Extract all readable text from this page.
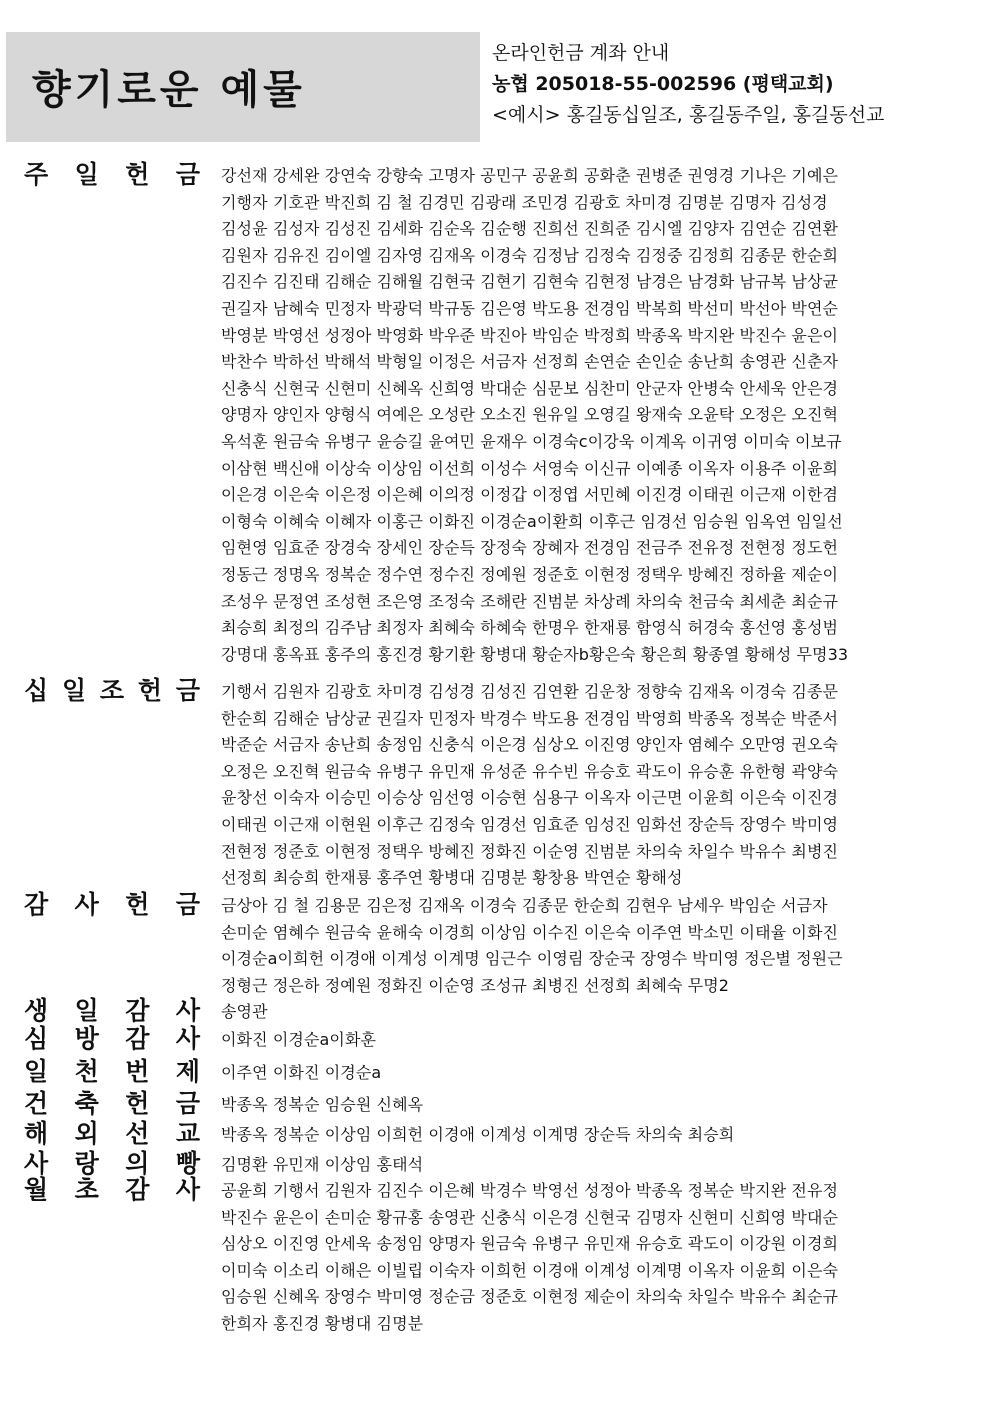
향기로운 예물
온라인헌금 계좌 안내
농협 205018-55-002596 (평택교회)
<예시> 홍길동십일조, 홍길동주일, 홍길동선교
주 일 헌 금 강선재 강세완 강연숙 강향숙 고명자 공민구 공윤희 공화춘 권병준 권영경 기나은 기예은
기행자 기호관 박진희 김 철 김경민 김광래 조민경 김광호 차미경 김명분 김명자 김성경
김성윤 김성자 김성진 김세화 김순옥 김순행 진희선 진희준 김시엘 김양자 김연순 김연환
김원자 김유진 김이엘 김자영 김재옥 이경숙 김정남 김정숙 김정중 김정희 김종문 한순희
김진수 김진태 김해순 김해월 김현국 김현기 김현숙 김현정 남경은 남경화 남규복 남상균
권길자 남혜숙 민정자 박광덕 박규동 김은영 박도용 전경임 박복희 박선미 박선아 박연순
박영분 박영선 성정아 박영화 박우준 박진아 박임순 박정희 박종옥 박지완 박진수 윤은이
박찬수 박하선 박해석 박형일 이정은 서금자 선정희 손연순 손인순 송난희 송영관 신춘자
신충식 신현국 신현미 신혜옥 신희영 박대순 심문보 심찬미 안군자 안병숙 안세욱 안은경
양명자 양인자 양형식 여예은 오성란 오소진 원유일 오영길 왕재숙 오윤탁 오정은 오진혁
옥석훈 원금숙 유병구 윤승길 윤여민 윤재우 이경숙c이강욱 이계옥 이귀영 이미숙 이보규
이삼현 백신애 이상숙 이상임 이선희 이성수 서영숙 이신규 이예종 이옥자 이용주 이윤희
이은경 이은숙 이은정 이은혜 이의정 이정갑 이정엽 서민혜 이진경 이태권 이근재 이한겸
이형숙 이혜숙 이혜자 이홍근 이화진 이경순a이환희 이후근 임경선 임승원 임옥연 임일선
임현영 임효준 장경숙 장세인 장순득 장정숙 장혜자 전경임 전금주 전유정 전현정 정도헌
정동근 정명옥 정복순 정수연 정수진 정예원 정준호 이현정 정택우 방혜진 정하율 제순이
조성우 문정연 조성현 조은영 조정숙 조해란 진범분 차상례 차의숙 천금숙 최세춘 최순규
최승희 최정의 김주남 최정자 최혜숙 하혜숙 한명우 한재룡 함영식 허경숙 홍선영 홍성범
강명대 홍옥표 홍주의 홍진경 황기환 황병대 황순자b황은숙 황은희 황종열 황해성 무명33
십 일 조 헌 금 기행서 김원자 김광호 차미경 김성경 김성진 김연환 김운창 정향숙 김재옥 이경숙 김종문
한순희 김해순 남상균 권길자 민정자 박경수 박도용 전경임 박영희 박종옥 정복순 박준서
박준순 서금자 송난희 송정임 신충식 이은경 심상오 이진영 양인자 염혜수 오만영 권오숙
오정은 오진혁 원금숙 유병구 유민재 유성준 유수빈 유승호 곽도이 유승훈 유한형 곽양숙
윤창선 이숙자 이승민 이승상 임선영 이승현 심용구 이옥자 이근면 이윤희 이은숙 이진경
이태권 이근재 이현원 이후근 김정숙 임경선 임효준 임성진 임화선 장순득 장영수 박미영
전현정 정준호 이현정 정택우 방혜진 정화진 이순영 진범분 차의숙 차일수 박유수 최병진
선정희 최승희 한재룡 홍주연 황병대 김명분 황창용 박연순 황해성
감 사 헌 금 금상아 김 철 김용문 김은정 김재옥 이경숙 김종문 한순희 김현우 남세우 박임순 서금자
손미순 염혜수 원금숙 윤해숙 이경희 이상임 이수진 이은숙 이주연 박소민 이태율 이화진
이경순a이희헌 이경애 이계성 이계명 임근수 이영림 장순국 장영수 박미영 정은별 정원근
정형근 정은하 정예원 정화진 이순영 조성규 최병진 선정희 최혜숙 무명2
생 일 감 사 송영관
심 방 감 사 이화진 이경순a이화훈
일 천 번 제 이주연 이화진 이경순a
건 축 헌 금 박종옥 정복순 임승원 신혜옥
해 외 선 교 박종옥 정복순 이상임 이희헌 이경애 이계성 이계명 장순득 차의숙 최승희
사 랑 의 빵 김명환 유민재 이상임 홍태석
월 초 감 사 공윤희 기행서 김원자 김진수 이은혜 박경수 박영선 성정아 박종옥 정복순 박지완 전유정
박진수 윤은이 손미순 황규홍 송영관 신충식 이은경 신현국 김명자 신현미 신희영 박대순
심상오 이진영 안세욱 송정임 양명자 원금숙 유병구 유민재 유승호 곽도이 이강원 이경희
이미숙 이소리 이해은 이빌립 이숙자 이희헌 이경애 이계성 이계명 이옥자 이윤희 이은숙
임승원 신혜옥 장영수 박미영 정순금 정준호 이현정 제순이 차의숙 차일수 박유수 최순규
한희자 홍진경 황병대 김명분
